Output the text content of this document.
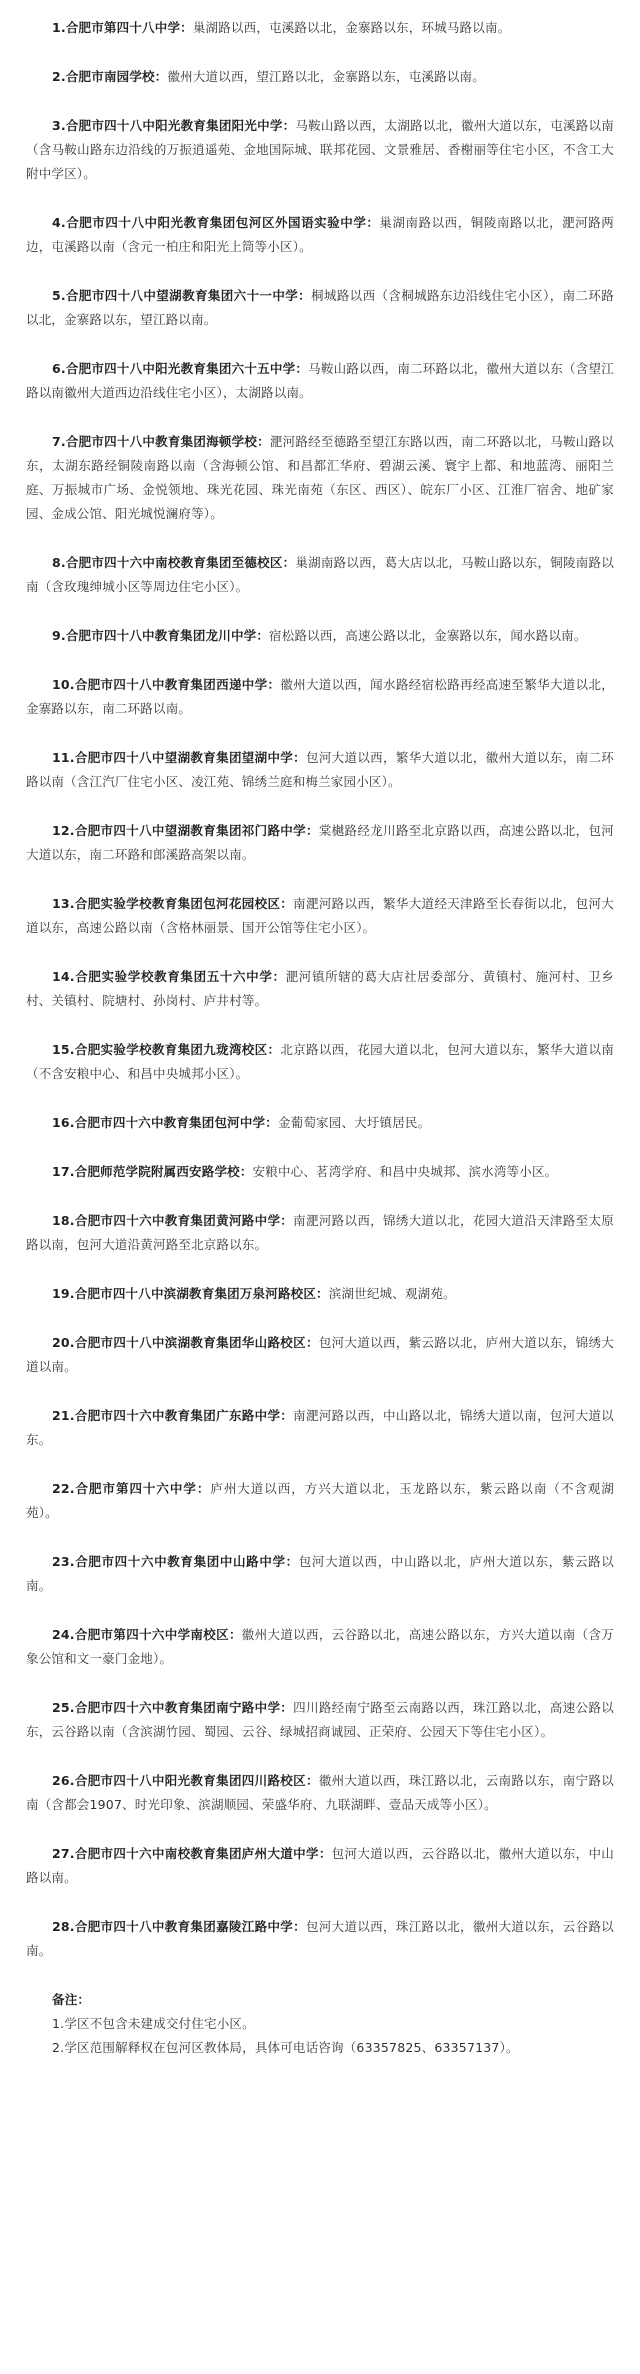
1.合肥市第四十八中学：巢湖路以西，屯溪路以北，金寨路以东，环城马路以南。

2.合肥市南园学校：徽州大道以西，望江路以北，金寨路以东，屯溪路以南。

3.合肥市四十八中阳光教育集团阳光中学：马鞍山路以西，太湖路以北，徽州大道以东，屯溪路以南（含马鞍山路东边沿线的万振逍遥苑、金地国际城、联邦花园、文景雅居、香榭丽等住宅小区，不含工大附中学区）。

4.合肥市四十八中阳光教育集团包河区外国语实验中学：巢湖南路以西，铜陵南路以北，淝河路两边，屯溪路以南（含元一柏庄和阳光上筒等小区）。

5.合肥市四十八中望湖教育集团六十一中学：桐城路以西（含桐城路东边沿线住宅小区），南二环路以北，金寨路以东，望江路以南。

6.合肥市四十八中阳光教育集团六十五中学：马鞍山路以西，南二环路以北，徽州大道以东（含望江路以南徽州大道西边沿线住宅小区），太湖路以南。

7.合肥市四十八中教育集团海顿学校：淝河路经至德路至望江东路以西，南二环路以北，马鞍山路以东，太湖东路经铜陵南路以南（含海顿公馆、和昌都汇华府、碧湖云溪、寰宇上都、和地蓝湾、丽阳兰庭、万振城市广场、金悦领地、珠光花园、珠光南苑（东区、西区）、皖东厂小区、江淮厂宿舍、地矿家园、金成公馆、阳光城悦澜府等）。

8.合肥市四十六中南校教育集团至德校区：巢湖南路以西，葛大店以北，马鞍山路以东，铜陵南路以南（含玫瑰绅城小区等周边住宅小区）。

9.合肥市四十八中教育集团龙川中学：宿松路以西，高速公路以北，金寨路以东，闻水路以南。

10.合肥市四十八中教育集团西递中学：徽州大道以西，闻水路经宿松路再经高速至繁华大道以北，金寨路以东，南二环路以南。

11.合肥市四十八中望湖教育集团望湖中学：包河大道以西，繁华大道以北，徽州大道以东，南二环路以南（含江汽厂住宅小区、凌江苑、锦绣兰庭和梅兰家园小区）。

12.合肥市四十八中望湖教育集团祁门路中学：棠樾路经龙川路至北京路以西，高速公路以北，包河大道以东，南二环路和郎溪路高架以南。

13.合肥实验学校教育集团包河花园校区：南淝河路以西，繁华大道经天津路至长春街以北，包河大道以东，高速公路以南（含格林丽景、国开公馆等住宅小区）。

14.合肥实验学校教育集团五十六中学：淝河镇所辖的葛大店社居委部分、黄镇村、施河村、卫乡村、关镇村、院塘村、孙岗村、庐井村等。

15.合肥实验学校教育集团九珑湾校区：北京路以西，花园大道以北，包河大道以东，繁华大道以南（不含安粮中心、和昌中央城邦小区）。

16.合肥市四十六中教育集团包河中学：金葡萄家园、大圩镇居民。

17.合肥师范学院附属西安路学校：安粮中心、茗湾学府、和昌中央城邦、滨水湾等小区。

18.合肥市四十六中教育集团黄河路中学：南淝河路以西，锦绣大道以北，花园大道沿天津路至太原路以南，包河大道沿黄河路至北京路以东。

19.合肥市四十八中滨湖教育集团万泉河路校区：滨湖世纪城、观湖苑。

20.合肥市四十八中滨湖教育集团华山路校区：包河大道以西，紫云路以北，庐州大道以东，锦绣大道以南。

21.合肥市四十六中教育集团广东路中学：南淝河路以西，中山路以北，锦绣大道以南，包河大道以东。

22.合肥市第四十六中学：庐州大道以西，方兴大道以北，玉龙路以东，紫云路以南（不含观湖苑）。

23.合肥市四十六中教育集团中山路中学：包河大道以西，中山路以北，庐州大道以东，紫云路以南。

24.合肥市第四十六中学南校区：徽州大道以西，云谷路以北，高速公路以东，方兴大道以南（含万象公馆和文一豪门金地）。

25.合肥市四十六中教育集团南宁路中学：四川路经南宁路至云南路以西，珠江路以北，高速公路以东，云谷路以南（含滨湖竹园、蜀园、云谷、绿城招商诚园、正荣府、公园天下等住宅小区）。

26.合肥市四十八中阳光教育集团四川路校区：徽州大道以西，珠江路以北，云南路以东，南宁路以南（含都会1907、时光印象、滨湖顺园、荣盛华府、九联湖畔、壹品天成等小区）。

27.合肥市四十六中南校教育集团庐州大道中学：包河大道以西，云谷路以北，徽州大道以东，中山路以南。

28.合肥市四十八中教育集团嘉陵江路中学：包河大道以西，珠江路以北，徽州大道以东，云谷路以南。

备注：
1.学区不包含未建成交付住宅小区。
2.学区范围解释权在包河区教体局，具体可电话咨询（63357825、63357137）。
